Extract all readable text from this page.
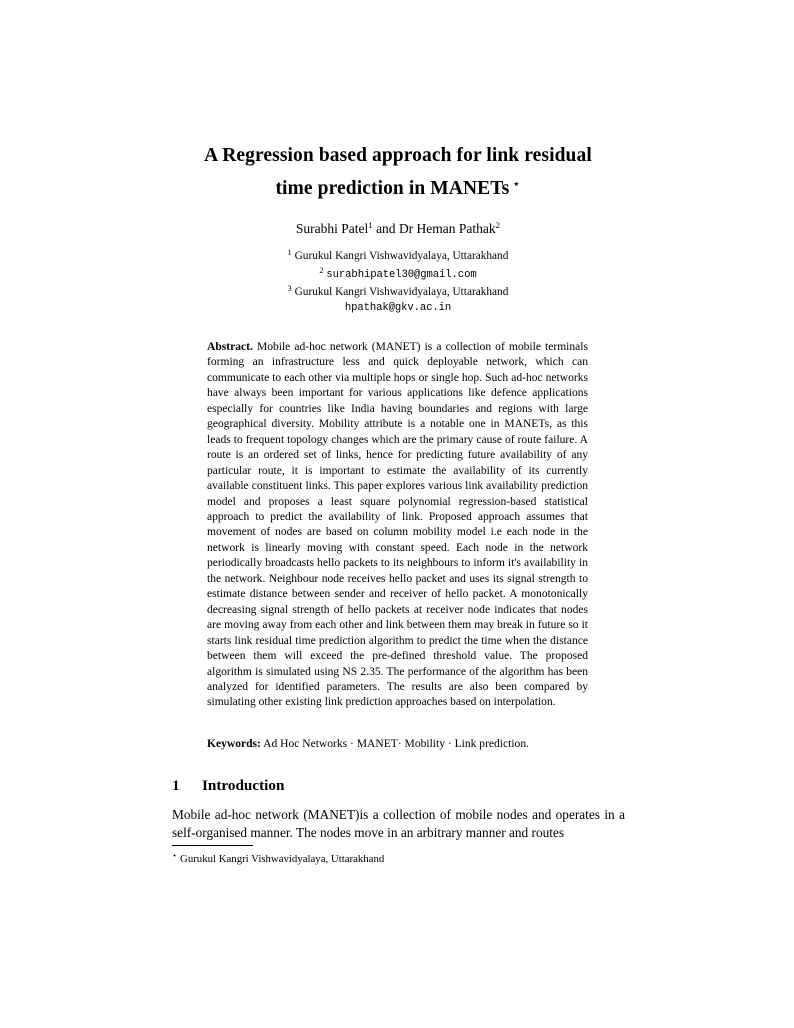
A Regression based approach for link residual
time prediction in MANETs ⋆
Surabhi Patel$^1$ and Dr Heman Pathak$^2$
$^1$ Gurukul Kangri Vishwavidyalaya, Uttarakhand
$^2$ surabhipatel30@gmail.com
$^3$ Gurukul Kangri Vishwavidyalaya, Uttarakhand
hpathak@gkv.ac.in
Abstract. Mobile ad-hoc network (MANET) is a collection of mobile terminals forming an infrastructure less and quick deployable network, which can communicate to each other via multiple hops or single hop. Such ad-hoc networks have always been important for various applications like defence applications especially for countries like India having boundaries and regions with large geographical diversity. Mobility attribute is a notable one in MANETs, as this leads to frequent topology changes which are the primary cause of route failure. A route is an ordered set of links, hence for predicting future availability of any particular route, it is important to estimate the availability of its currently available constituent links. This paper explores various link availability prediction model and proposes a least square polynomial regression-based statistical approach to predict the availability of link. Proposed approach assumes that movement of nodes are based on column mobility model i.e each node in the network is linearly moving with constant speed. Each node in the network periodically broadcasts hello packets to its neighbours to inform it's availability in the network. Neighbour node receives hello packet and uses its signal strength to estimate distance between sender and receiver of hello packet. A monotonically decreasing signal strength of hello packets at receiver node indicates that nodes are moving away from each other and link between them may break in future so it starts link residual time prediction algorithm to predict the time when the distance between them will exceed the pre-defined threshold value. The proposed algorithm is simulated using NS 2.35. The performance of the algorithm has been analyzed for identified parameters. The results are also been compared by simulating other existing link prediction approaches based on interpolation.
Keywords: Ad Hoc Networks · MANET· Mobility · Link prediction.
1 Introduction
Mobile ad-hoc network (MANET)is a collection of mobile nodes and operates in a self-organised manner. The nodes move in an arbitrary manner and routes
⋆ Gurukul Kangri Vishwavidyalaya, Uttarakhand
